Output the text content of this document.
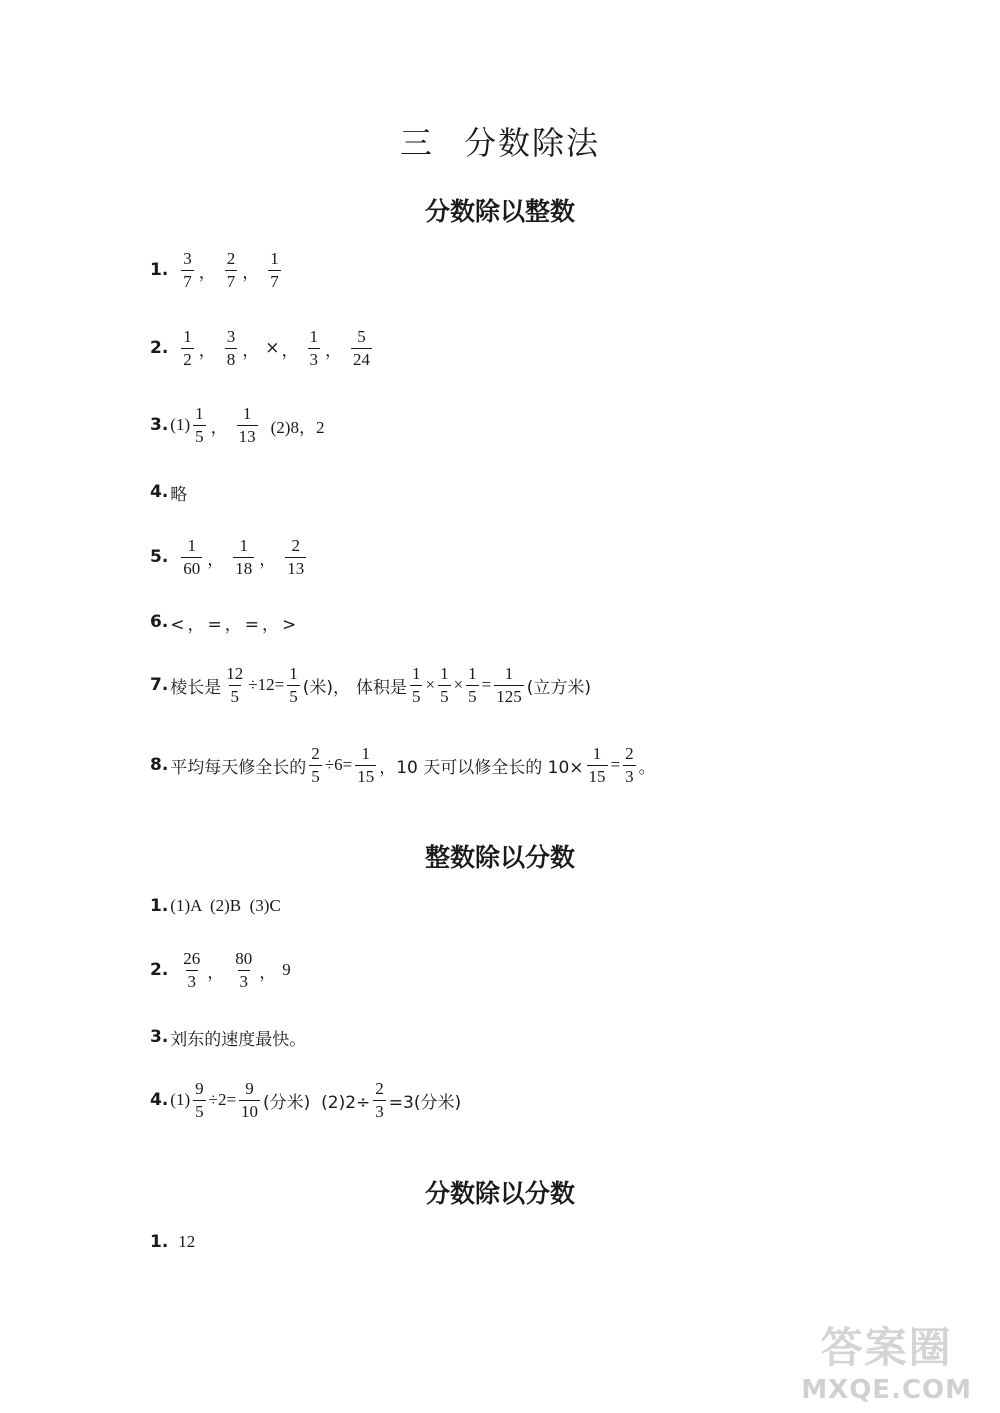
三 分数除法
分数除以整数
1. $\frac{3}{7}$ ， $\frac{2}{7}$ ， $\frac{1}{7}$
2. $\frac{1}{2}$ ， $\frac{3}{8}$ ， × ， $\frac{1}{3}$ ， $\frac{5}{24}$
3. $(1) \frac{1}{5}$ ， $\frac{1}{13} (2)8$，2
4. 略
5. $\frac{1}{60}$ ， $\frac{1}{18}$ ， $\frac{2}{13}$
6. <，=，=，>
7. 棱长是 $\frac{12}{5} \div 12= \frac{1}{5}$ (米)， 体积是 $\frac{1}{5} \times \frac{1}{5} \times \frac{1}{5} = \frac{1}{125}$ (立方米)
8. 平均每天修全长的 $\frac{2}{5} \div 6= \frac{1}{15}$ ，10 天可以修全长的 $10\times \frac{1}{15} = \frac{2}{3}$ 。
整数除以分数
1. (1)A  (2)B  (3)C
2. $\frac{26}{3}$ ， $\frac{80}{3}$ ， 9
3. 刘东的速度最快。
4. $(1) \frac{9}{5} \div 2= \frac{9}{10}$ (分米)  $(2)2\div \frac{2}{3} =3$(分米)
分数除以分数
1. 12
答案圈
MXQE.COM
